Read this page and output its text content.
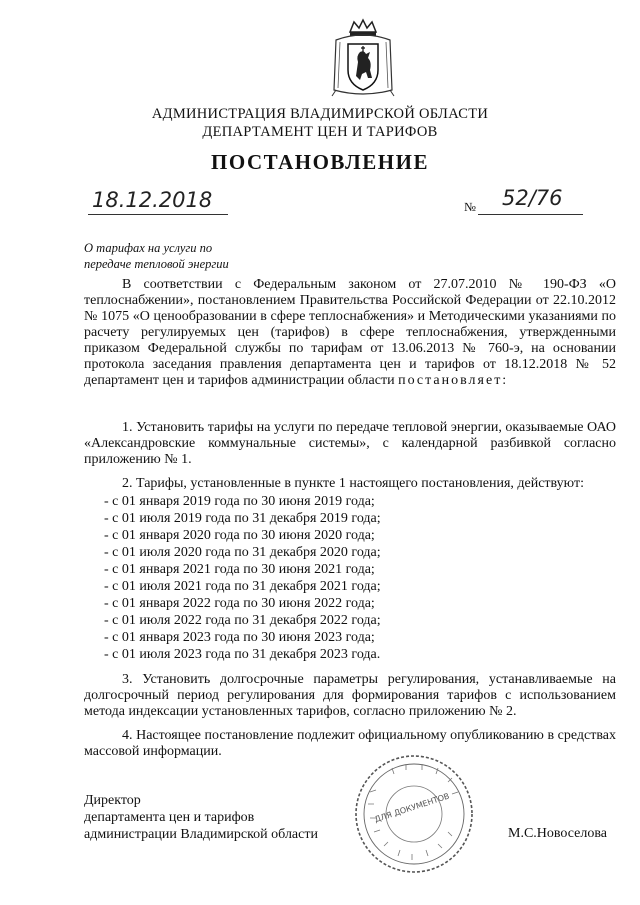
АДМИНИСТРАЦИЯ ВЛАДИМИРСКОЙ ОБЛАСТИ
ДЕПАРТАМЕНТ ЦЕН И ТАРИФОВ
ПОСТАНОВЛЕНИЕ
18.12.2018	№ 52/76
О тарифах на услуги по
передаче тепловой энергии
В соответствии с Федеральным законом от 27.07.2010 № 190-ФЗ «О теплоснабжении», постановлением Правительства Российской Федерации от 22.10.2012 № 1075 «О ценообразовании в сфере теплоснабжения» и Методическими указаниями по расчету регулируемых цен (тарифов) в сфере теплоснабжения, утвержденными приказом Федеральной службы по тарифам от 13.06.2013 № 760-э, на основании протокола заседания правления департамента цен и тарифов от 18.12.2018 № 52 департамент цен и тарифов администрации области постановляет:
1. Установить тарифы на услуги по передаче тепловой энергии, оказываемые ОАО «Александровские коммунальные системы», с календарной разбивкой согласно приложению № 1.
2. Тарифы, установленные в пункте 1 настоящего постановления, действуют:
- с 01 января 2019 года по 30 июня 2019 года;
- с 01 июля 2019 года по 31 декабря 2019 года;
- с 01 января 2020 года по 30 июня 2020 года;
- с 01 июля 2020 года по 31 декабря 2020 года;
- с 01 января 2021 года по 30 июня 2021 года;
- с 01 июля 2021 года по 31 декабря 2021 года;
- с 01 января 2022 года по 30 июня 2022 года;
- с 01 июля 2022 года по 31 декабря 2022 года;
- с 01 января 2023 года по 30 июня 2023 года;
- с 01 июля 2023 года по 31 декабря 2023 года.
3. Установить долгосрочные параметры регулирования, устанавливаемые на долгосрочный период регулирования для формирования тарифов с использованием метода индексации установленных тарифов, согласно приложению № 2.
4. Настоящее постановление подлежит официальному опубликованию в средствах массовой информации.
Директор
департамента цен и тарифов
администрации Владимирской области
ДЛЯ ДОКУМЕНТОВ
М.С.Новоселова
